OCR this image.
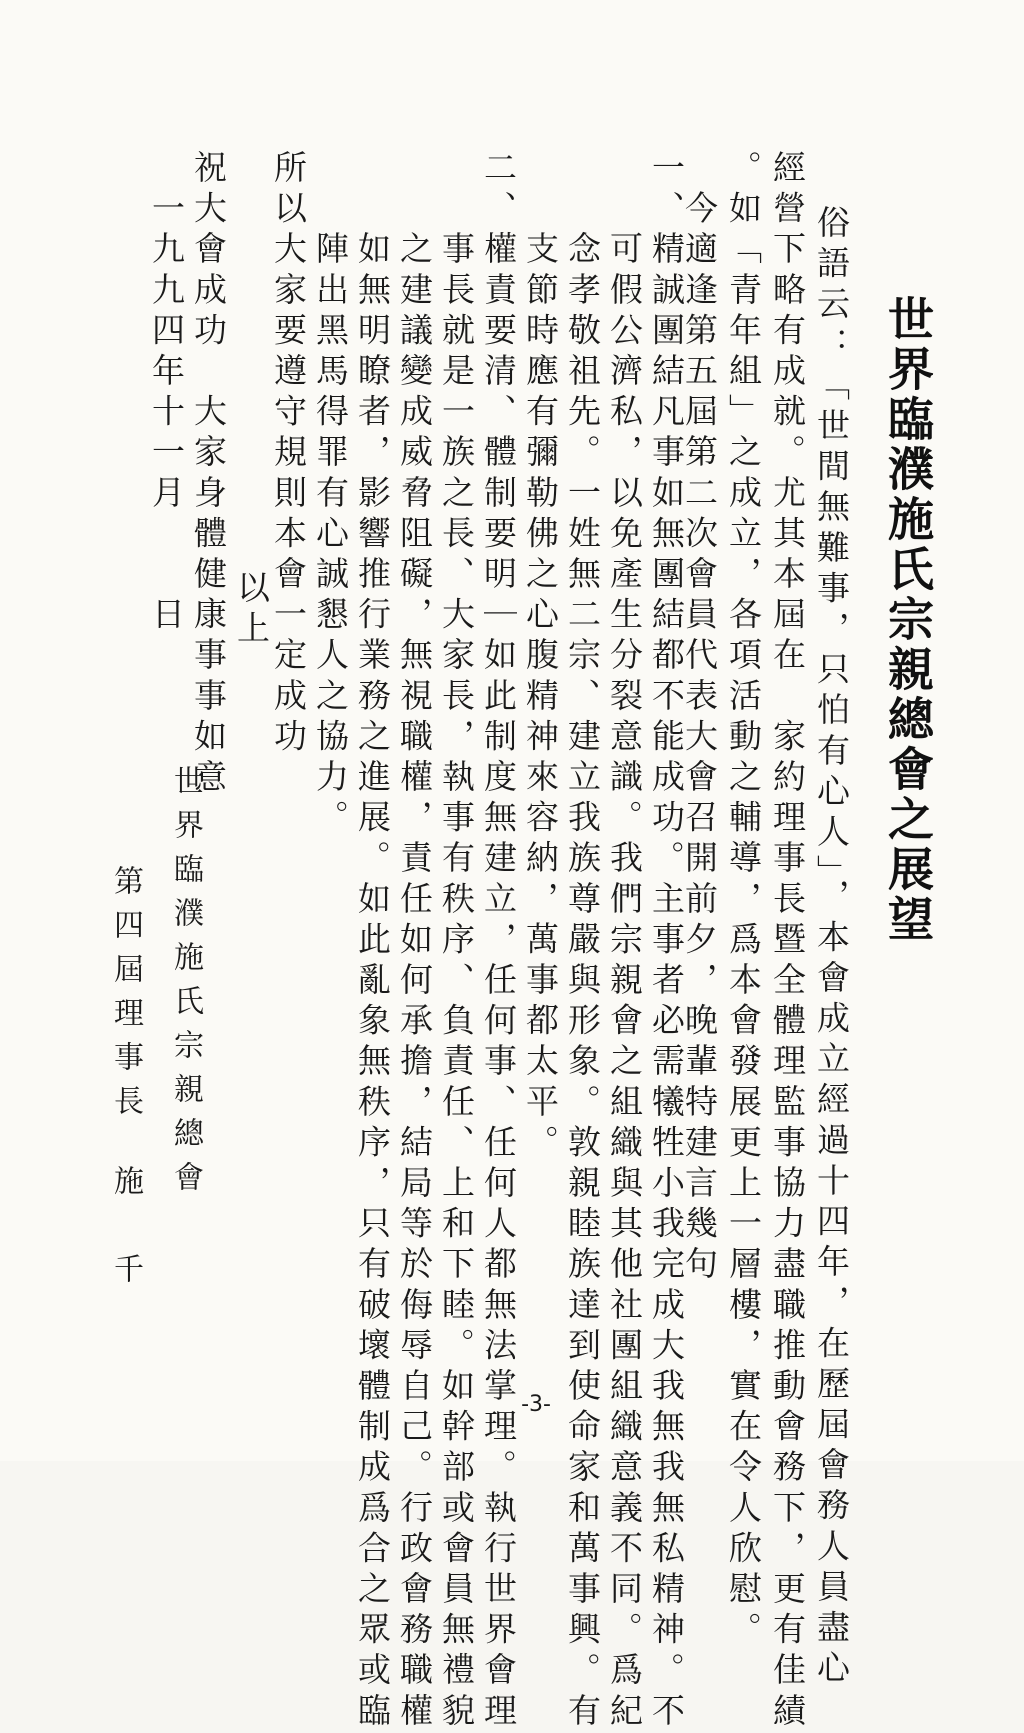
世界臨濮施氏宗親總會之展望
俗語云：「世間無難事，只怕有心人」，本會成立經過十四年，在歷屆會務人員盡心
經營下略有成就。尤其本屆在　家約理事長暨全體理監事協力盡職推動會務下，更有佳績
。如「青年組」之成立，各項活動之輔導，爲本會發展更上一層樓，實在令人欣慰。
　今適逢第五屆第二次會員代表大會召開前夕，晚輩特建言幾句
一、精誠團結凡事如無團結都不能成功。主事者必需犧牲小我完成大我無我無私精神。不
　　可假公濟私，以免產生分裂意識。我們宗親會之組織與其他社團組織意義不同。爲紀
　　念孝敬祖先。一姓無二宗、建立我族尊嚴與形象。敦親睦族達到使命家和萬事興。有
　　支節時應有彌勒佛之心腹精神來容納，萬事都太平。
二、權責要清、體制要明｜如此制度無建立，任何事、任何人都無法掌理。執行世界會理
　　事長就是一族之長、大家長，執事有秩序、負責任、上和下睦。如幹部或會員無禮貌
　　之建議變成威脅阻礙，無視職權，責任如何承擔，結局等於侮辱自己。行政會務職權
　　如無明瞭者，影響推行業務之進展。如此亂象無秩序，只有破壞體制成爲合之眾或臨
　　陣出黑馬得罪有心誠懇人之協力。
所以大家要遵守規則本會一定成功
以上
祝大會成功　大家身體健康事事如意
　一九九四年十一月　　日
世界臨濮施氏宗親總會
第四屆理事長
施　千
-3-
